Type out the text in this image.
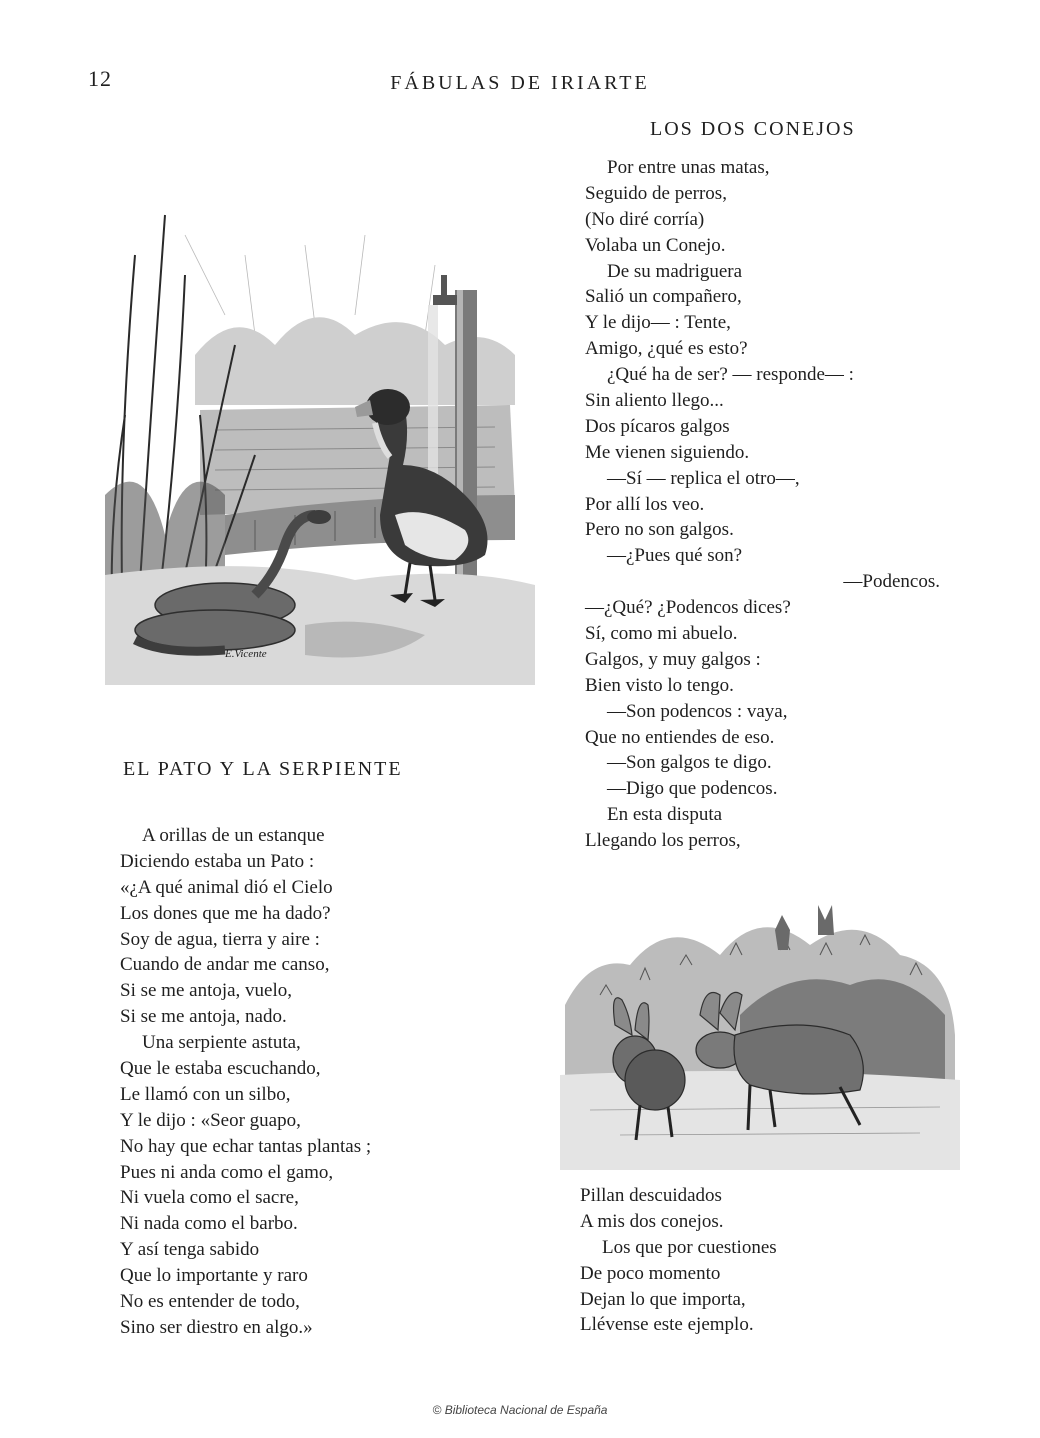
12	FÁBULAS DE IRIARTE
E.Vicente
EL PATO Y LA SERPIENTE
A orillas de un estanque
Diciendo estaba un Pato :
«¿A qué animal dió el Cielo
Los dones que me ha dado?
Soy de agua, tierra y aire :
Cuando de andar me canso,
Si se me antoja, vuelo,
Si se me antoja, nado.
Una serpiente astuta,
Que le estaba escuchando,
Le llamó con un silbo,
Y le dijo : «Seor guapo,
No hay que echar tantas plantas ;
Pues ni anda como el gamo,
Ni vuela como el sacre,
Ni nada como el barbo.
Y así tenga sabido
Que lo importante y raro
No es entender de todo,
Sino ser diestro en algo.»
LOS DOS CONEJOS
Por entre unas matas,
Seguido de perros,
(No diré corría)
Volaba un Conejo.
De su madriguera
Salió un compañero,
Y le dijo— : Tente,
Amigo, ¿qué es esto?
¿Qué ha de ser? — responde— :
Sin aliento llego...
Dos pícaros galgos
Me vienen siguiendo.
—Sí — replica el otro—,
Por allí los veo.
Pero no son galgos.
—¿Pues qué son?
—Podencos.
—¿Qué? ¿Podencos dices?
Sí, como mi abuelo.
Galgos, y muy galgos :
Bien visto lo tengo.
—Son podencos : vaya,
Que no entiendes de eso.
—Son galgos te digo.
—Digo que podencos.
En esta disputa
Llegando los perros,
Pillan descuidados
A mis dos conejos.
Los que por cuestiones
De poco momento
Dejan lo que importa,
Llévense este ejemplo.
© Biblioteca Nacional de España
